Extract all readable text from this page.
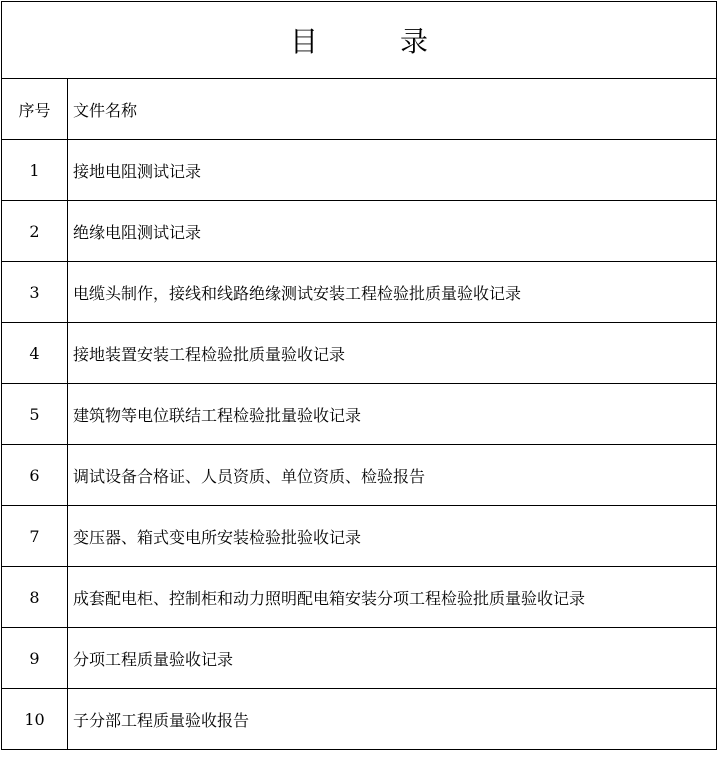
目 录	
序号	文件名称
1	接地电阻测试记录
2	绝缘电阻测试记录
3	电缆头制作，接线和线路绝缘测试安装工程检验批质量验收记录
4	接地装置安装工程检验批质量验收记录
5	建筑物等电位联结工程检验批量验收记录
6	调试设备合格证、人员资质、单位资质、检验报告
7	变压器、箱式变电所安装检验批验收记录
8	成套配电柜、控制柜和动力照明配电箱安装分项工程检验批质量验收记录
9	分项工程质量验收记录
10	子分部工程质量验收报告
